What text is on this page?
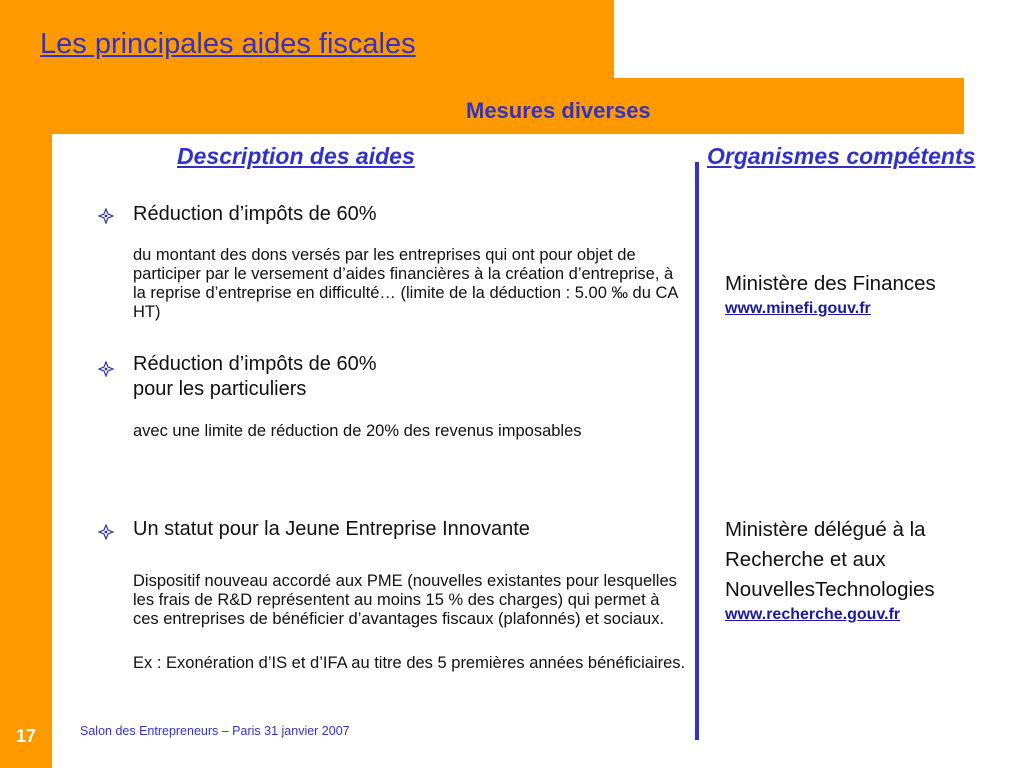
Les principales aides fiscales
Mesures diverses
Description des aides	Organismes compétents
Réduction d’impôts de 60%
du montant des dons versés par les entreprises qui ont pour objet de participer par le versement d’aides financières à la création d’entreprise, à la reprise d’entreprise en difficulté… (limite de la déduction : 5.00 ‰ du CA HT)
Réduction d’impôts de 60%
pour les particuliers
avec une limite de réduction de 20% des revenus imposables
Un statut pour la Jeune Entreprise Innovante
Dispositif nouveau accordé aux PME (nouvelles existantes pour lesquelles les frais de R&D représentent au moins 15 % des charges) qui permet à ces entreprises de bénéficier d’avantages fiscaux (plafonnés) et sociaux.
Ex : Exonération d’IS et d’IFA au titre des 5 premières années bénéficiaires.
Ministère des Finances
www.minefi.gouv.fr
Ministère délégué à la Recherche et aux NouvellesTechnologies
www.recherche.gouv.fr
17	Salon des Entrepreneurs – Paris 31 janvier 2007
